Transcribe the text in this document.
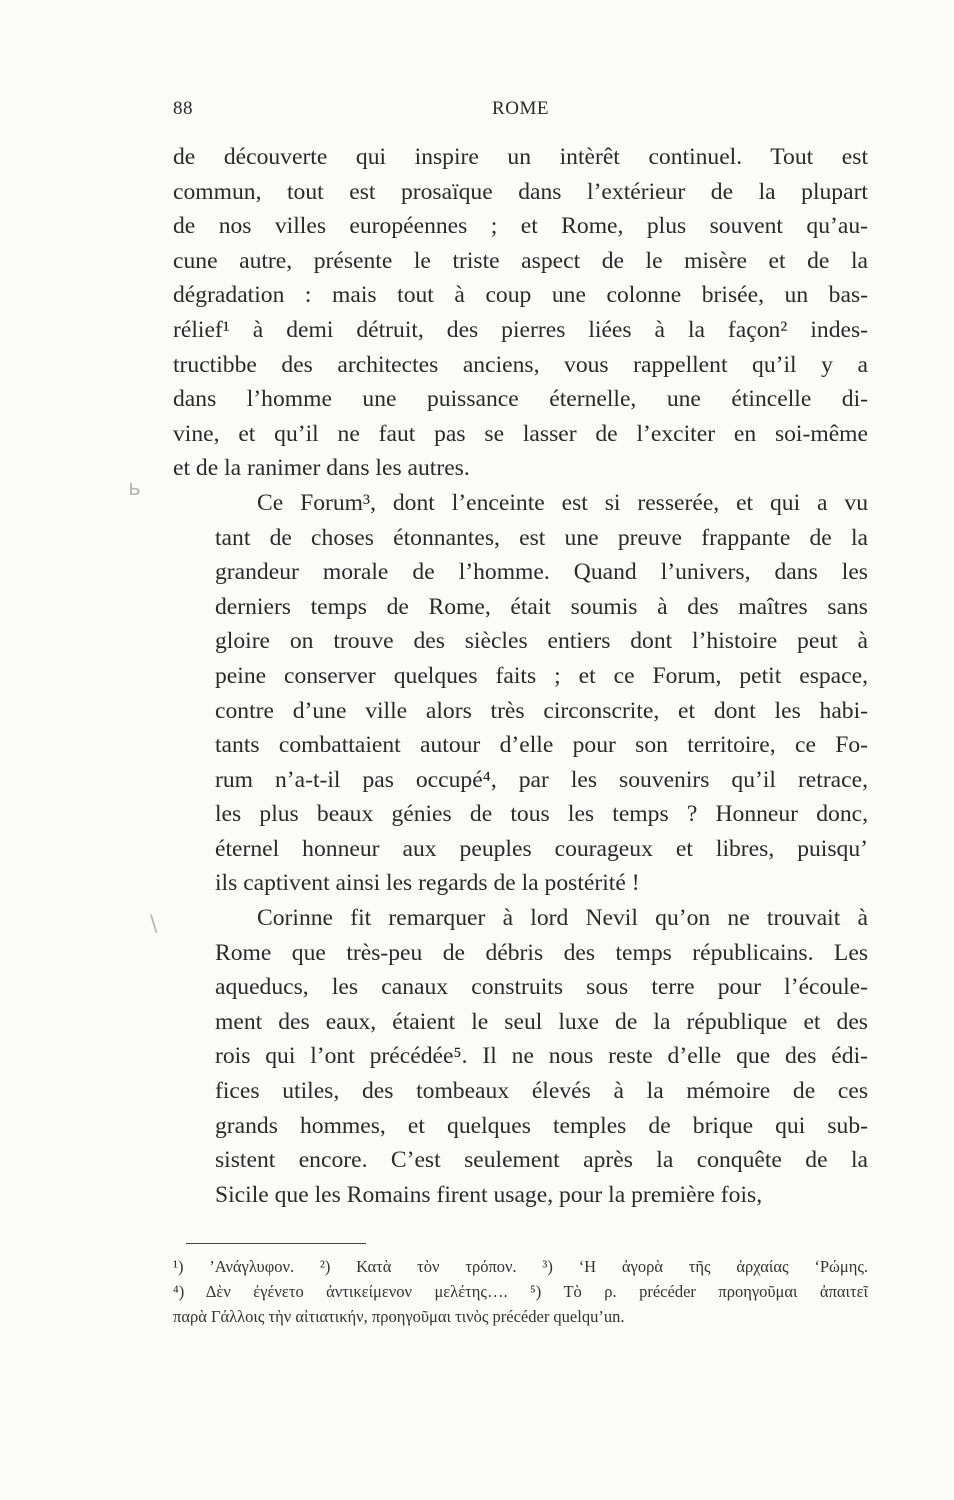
88	ROME

de découverte qui inspire un intèrêt continuel. Tout est
commun, tout est prosaïque dans l’extérieur de la plupart
de nos villes européennes ; et Rome, plus souvent qu’au-
cune autre, présente le triste aspect de le misère et de la
dégradation : mais tout à coup une colonne brisée, un bas-
rélief¹ à demi détruit, des pierres liées à la façon² indes-
tructibbe des architectes anciens, vous rappellent qu’il y a
dans l’homme une puissance éternelle, une étincelle di-
vine, et qu’il ne faut pas se lasser de l’exciter en soi-même
et de la ranimer dans les autres.

Ce Forum³, dont l’enceinte est si resserée, et qui a vu
tant de choses étonnantes, est une preuve frappante de la
grandeur morale de l’homme. Quand l’univers, dans les
derniers temps de Rome, était soumis à des maîtres sans
gloire on trouve des siècles entiers dont l’histoire peut à
peine conserver quelques faits ; et ce Forum, petit espace,
contre d’une ville alors très circonscrite, et dont les habi-
tants combattaient autour d’elle pour son territoire, ce Fo-
rum n’a-t-il pas occupé⁴, par les souvenirs qu’il retrace,
les plus beaux génies de tous les temps ? Honneur donc,
éternel honneur aux peuples courageux et libres, puisqu’
ils captivent ainsi les regards de la postérité !

Corinne fit remarquer à lord Nevil qu’on ne trouvait à
Rome que très-peu de débris des temps républicains. Les
aqueducs, les canaux construits sous terre pour l’écoule-
ment des eaux, étaient le seul luxe de la république et des
rois qui l’ont précédée⁵. Il ne nous reste d’elle que des édi-
fices utiles, des tombeaux élevés à la mémoire de ces
grands hommes, et quelques temples de brique qui sub-
sistent encore. C’est seulement après la conquête de la
Sicile que les Romains firent usage, pour la première fois,

¹) ’Ανάγλυφον. ²) Κατὰ τὸν τρόπον. ³) ‘Η ἀγορὰ τῆς ἀρχαίας ‘Ρώμης.
⁴) Δὲν ἐγένετο ἀντικείμενον μελέτης…. ⁵) Τὸ ρ. précéder προηγοῦμαι ἀπαιτεῖ
παρὰ Γάλλοις τὴν αἰτιατικήν, προηγοῦμαι τινὸς précéder quelqu’un.
ь
\
